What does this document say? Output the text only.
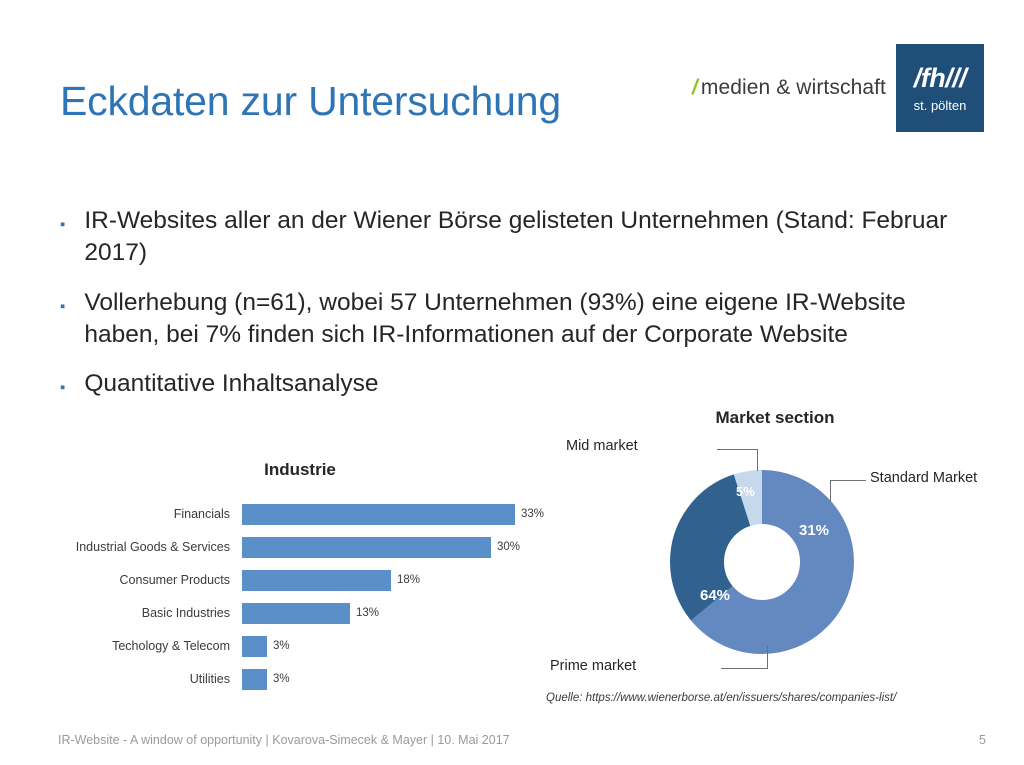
/ medien & wirtschaft /fh///
st. pölten
Eckdaten zur Untersuchung
▪ IR-Websites aller an der Wiener Börse gelisteten Unternehmen (Stand: Februar 2017)
▪ Vollerhebung (n=61), wobei 57 Unternehmen (93%) eine eigene IR-Website haben, bei 7% finden sich IR-Informationen auf der Corporate Website
▪ Quantitative Inhaltsanalyse
Industrie
Financials	33%
Industrial Goods & Services	30%
Consumer Products	18%
Basic Industries	13%
Techology & Telecom	3%
Utilities	3%
Market section
64%
31%
5%
Mid market
Standard Market
Prime market
Quelle: https://www.wienerborse.at/en/issuers/shares/companies-list/
IR-Website - A window of opportunity | Kovarova-Simecek & Mayer | 10. Mai 2017	5
